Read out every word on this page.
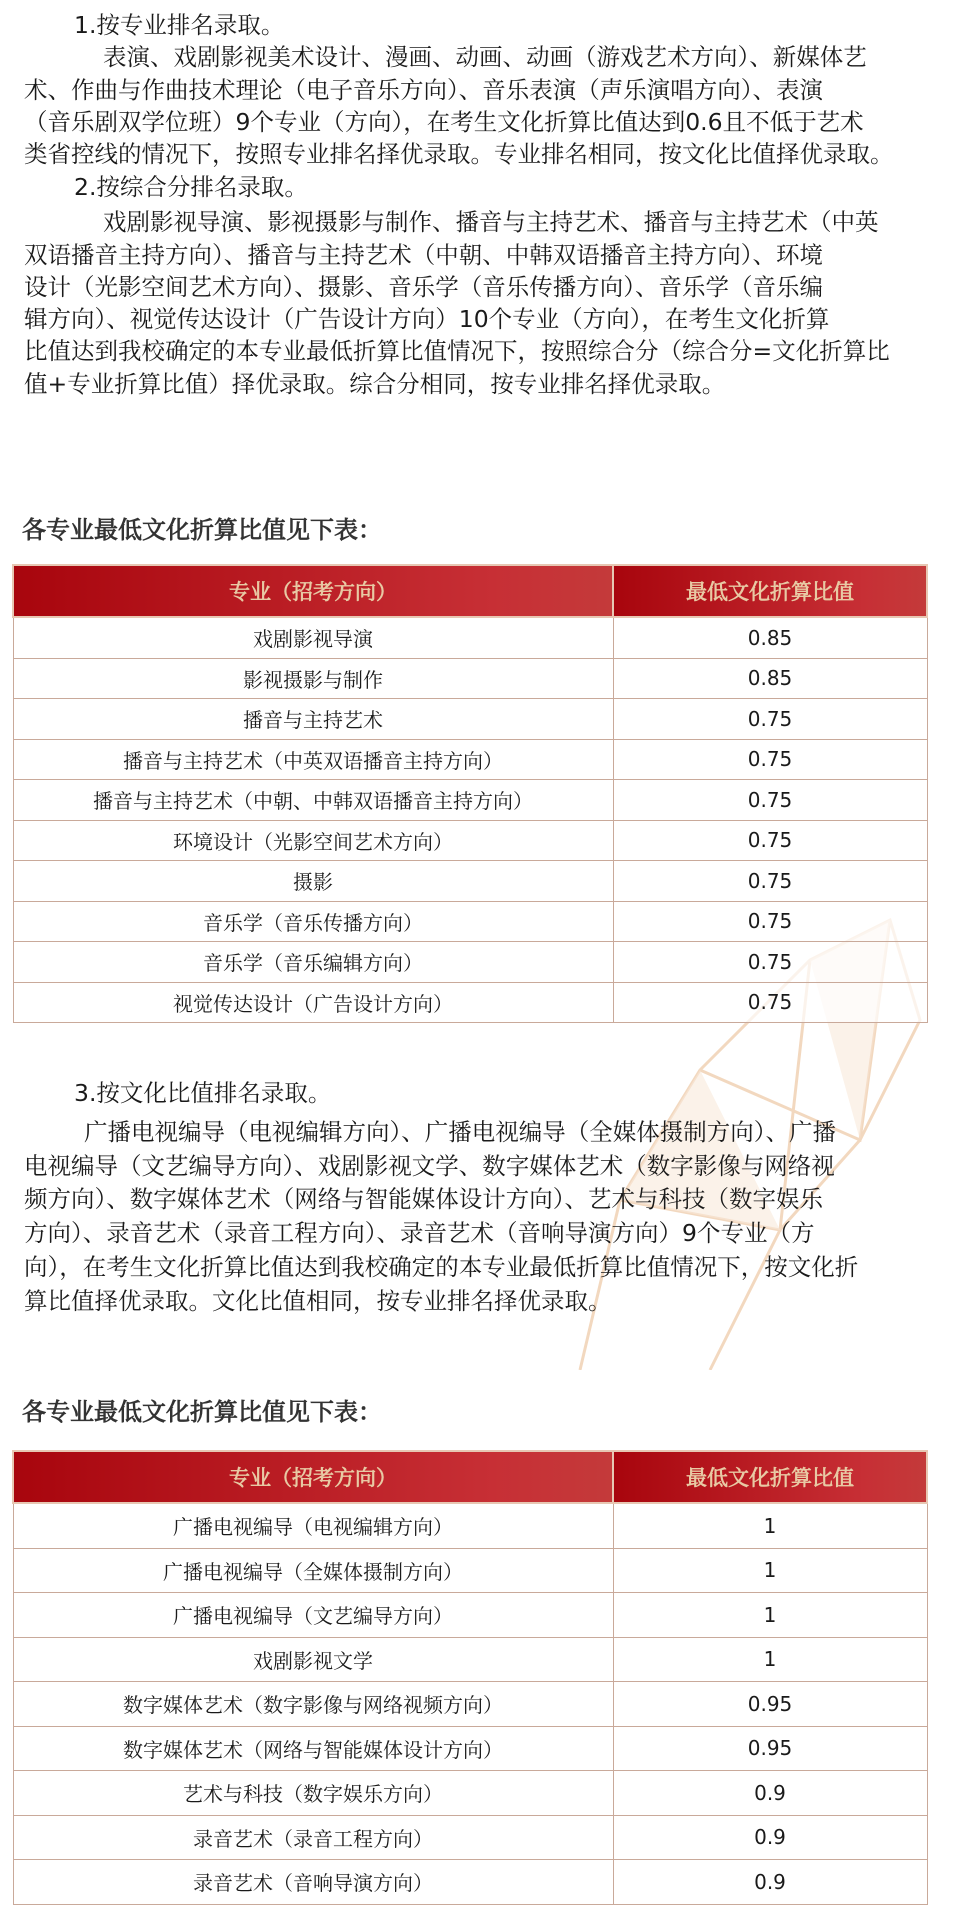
1.按专业排名录取。
表演、戏剧影视美术设计、漫画、动画、动画（游戏艺术方向）、新媒体艺
术、作曲与作曲技术理论（电子音乐方向）、音乐表演（声乐演唱方向）、表演
（音乐剧双学位班）9个专业（方向），在考生文化折算比值达到0.6且不低于艺术
类省控线的情况下，按照专业排名择优录取。专业排名相同，按文化比值择优录取。
2.按综合分排名录取。
戏剧影视导演、影视摄影与制作、播音与主持艺术、播音与主持艺术（中英
双语播音主持方向）、播音与主持艺术（中朝、中韩双语播音主持方向）、环境
设计（光影空间艺术方向）、摄影、音乐学（音乐传播方向）、音乐学（音乐编
辑方向）、视觉传达设计（广告设计方向）10个专业（方向），在考生文化折算
比值达到我校确定的本专业最低折算比值情况下，按照综合分（综合分=文化折算比
值+专业折算比值）择优录取。综合分相同，按专业排名择优录取。
各专业最低文化折算比值见下表：
专业（招考方向）	最低文化折算比值
戏剧影视导演	0.85
影视摄影与制作	0.85
播音与主持艺术	0.75
播音与主持艺术（中英双语播音主持方向）	0.75
播音与主持艺术（中朝、中韩双语播音主持方向）	0.75
环境设计（光影空间艺术方向）	0.75
摄影	0.75
音乐学（音乐传播方向）	0.75
音乐学（音乐编辑方向）	0.75
视觉传达设计（广告设计方向）	0.75
3.按文化比值排名录取。
广播电视编导（电视编辑方向）、广播电视编导（全媒体摄制方向）、广播
电视编导（文艺编导方向）、戏剧影视文学、数字媒体艺术（数字影像与网络视
频方向）、数字媒体艺术（网络与智能媒体设计方向）、艺术与科技（数字娱乐
方向）、录音艺术（录音工程方向）、录音艺术（音响导演方向）9个专业（方
向），在考生文化折算比值达到我校确定的本专业最低折算比值情况下，按文化折
算比值择优录取。文化比值相同，按专业排名择优录取。
各专业最低文化折算比值见下表：
专业（招考方向）	最低文化折算比值
广播电视编导（电视编辑方向）	1
广播电视编导（全媒体摄制方向）	1
广播电视编导（文艺编导方向）	1
戏剧影视文学	1
数字媒体艺术（数字影像与网络视频方向）	0.95
数字媒体艺术（网络与智能媒体设计方向）	0.95
艺术与科技（数字娱乐方向）	0.9
录音艺术（录音工程方向）	0.9
录音艺术（音响导演方向）	0.9
